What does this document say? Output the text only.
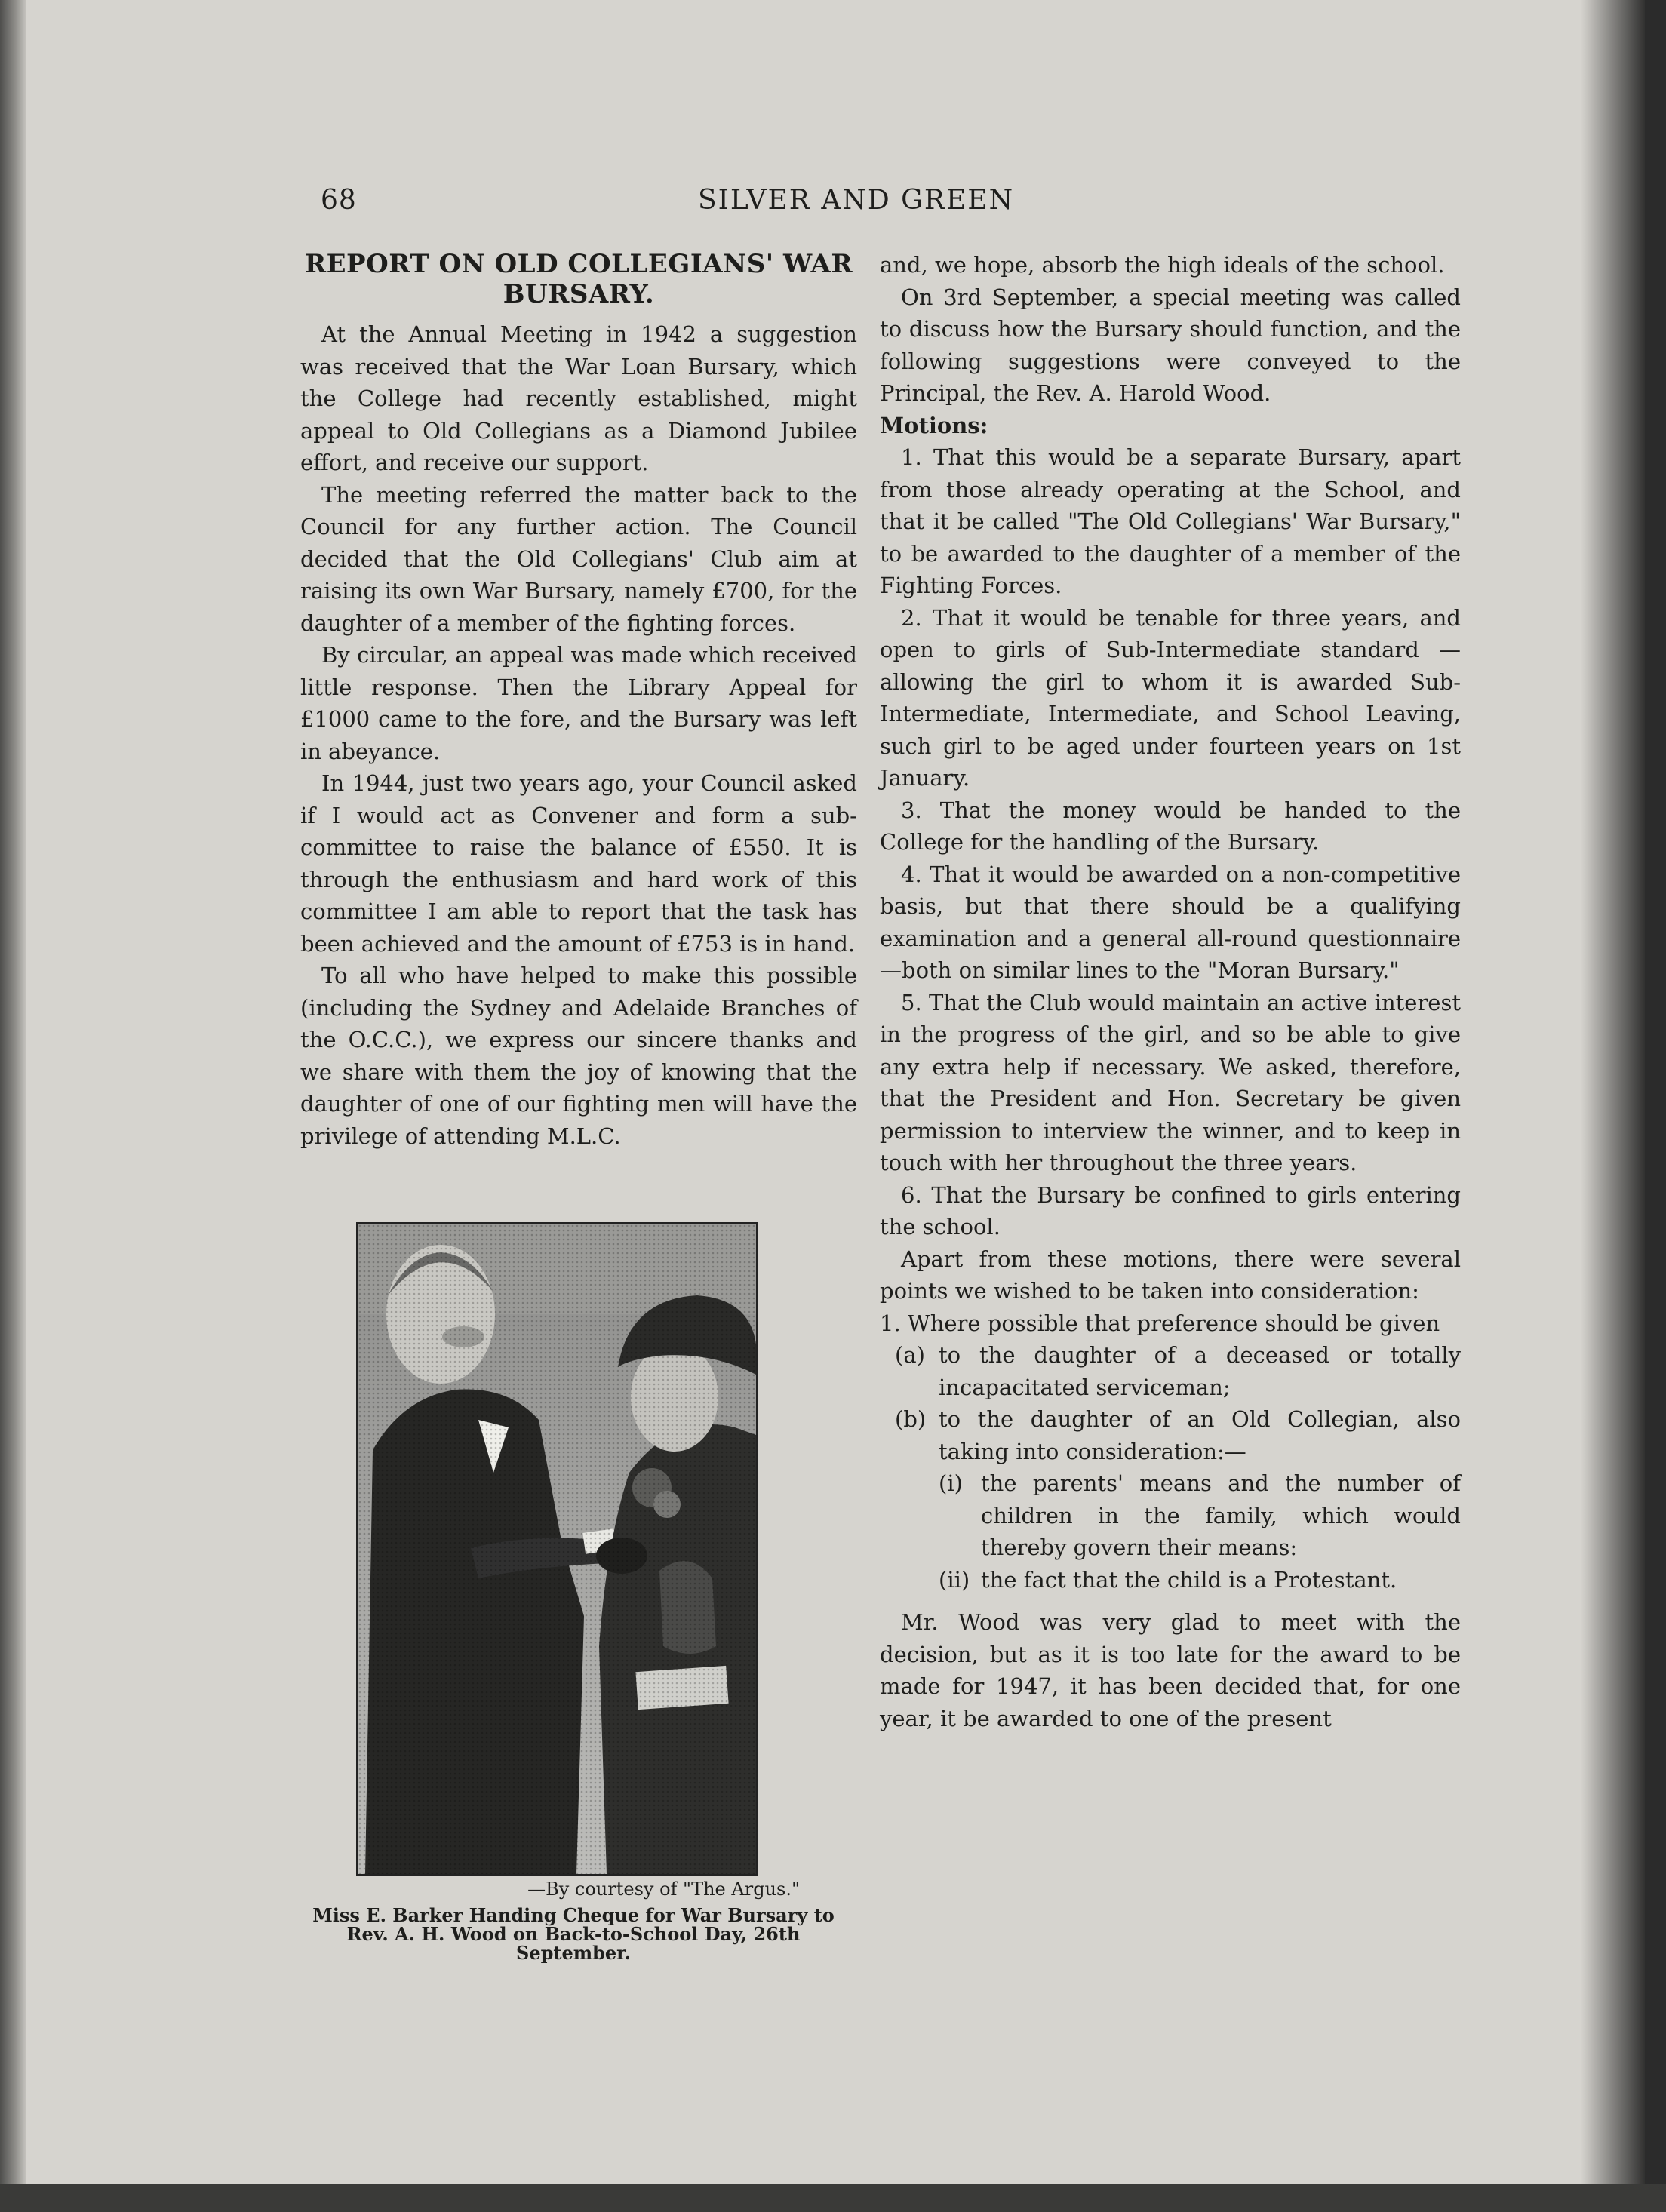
68	SILVER AND GREEN
REPORT ON OLD COLLEGIANS' WAR BURSARY.

At the Annual Meeting in 1942 a suggestion was received that the War Loan Bursary, which the College had recently established, might appeal to Old Collegians as a Diamond Jubilee effort, and receive our support.

The meeting referred the matter back to the Council for any further action. The Council decided that the Old Collegians' Club aim at raising its own War Bursary, namely £700, for the daughter of a member of the fighting forces.

By circular, an appeal was made which received little response. Then the Library Appeal for £1000 came to the fore, and the Bursary was left in abeyance.

In 1944, just two years ago, your Council asked if I would act as Convener and form a sub-committee to raise the balance of £550. It is through the enthusiasm and hard work of this committee I am able to report that the task has been achieved and the amount of £753 is in hand.

To all who have helped to make this possible (including the Sydney and Adelaide Branches of the O.C.C.), we express our sincere thanks and we share with them the joy of knowing that the daughter of one of our fighting men will have the privilege of attending M.L.C.

—By courtesy of "The Argus."
Miss E. Barker Handing Cheque for War Bursary to Rev. A. H. Wood on Back-to-School Day, 26th September.

and, we hope, absorb the high ideals of the school.

On 3rd September, a special meeting was called to discuss how the Bursary should function, and the following suggestions were conveyed to the Principal, the Rev. A. Harold Wood.

Motions:

1. That this would be a separate Bursary, apart from those already operating at the School, and that it be called "The Old Collegians' War Bursary," to be awarded to the daughter of a member of the Fighting Forces.

2. That it would be tenable for three years, and open to girls of Sub-Intermediate standard —allowing the girl to whom it is awarded Sub-Intermediate, Intermediate, and School Leaving, such girl to be aged under fourteen years on 1st January.

3. That the money would be handed to the College for the handling of the Bursary.

4. That it would be awarded on a non-competitive basis, but that there should be a qualifying examination and a general all-round questionnaire—both on similar lines to the "Moran Bursary."

5. That the Club would maintain an active interest in the progress of the girl, and so be able to give any extra help if necessary. We asked, therefore, that the President and Hon. Secretary be given permission to interview the winner, and to keep in touch with her throughout the three years.

6. That the Bursary be confined to girls entering the school.

Apart from these motions, there were several points we wished to be taken into consideration:

1. Where possible that preference should be given

(a) to the daughter of a deceased or totally incapacitated serviceman;
(b) to the daughter of an Old Collegian, also taking into consideration:—
(i) the parents' means and the number of children in the family, which would thereby govern their means:
(ii) the fact that the child is a Protestant.

Mr. Wood was very glad to meet with the decision, but as it is too late for the award to be made for 1947, it has been decided that, for one year, it be awarded to one of the present
